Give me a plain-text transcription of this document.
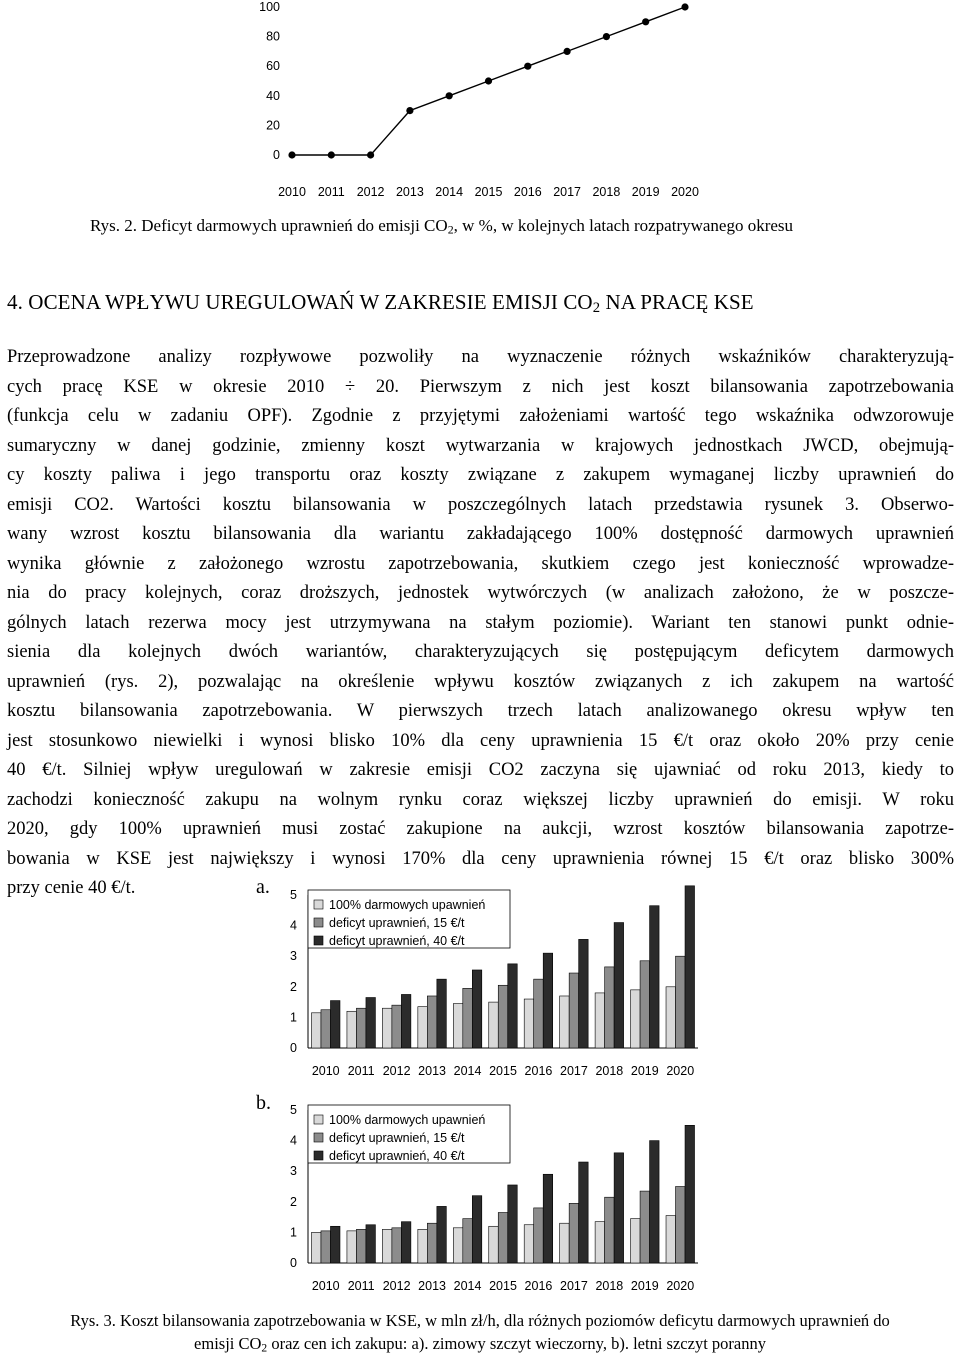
100
80
60
40
20
0
2010 2011 2012 2013 2014 2015 2016 2017 2018 2019 2020
Rys. 2. Deficyt darmowych uprawnień do emisji CO2, w %, w kolejnych latach rozpatrywanego okresu
4. OCENA WPŁYWU UREGULOWAŃ W ZAKRESIE EMISJI $CO_2$ NA PRACĘ KSE
Przeprowadzone analizy rozpływowe pozwoliły na wyznaczenie różnych wskaźników charakteryzują-
cych pracę KSE w okresie 2010 ÷ 20. Pierwszym z nich jest koszt bilansowania zapotrzebowania
(funkcja celu w zadaniu OPF). Zgodnie z przyjętymi założeniami wartość tego wskaźnika odwzorowuje
sumaryczny w danej godzinie, zmienny koszt wytwarzania w krajowych jednostkach JWCD, obejmują-
cy koszty paliwa i jego transportu oraz koszty związane z zakupem wymaganej liczby uprawnień do
emisji CO2. Wartości kosztu bilansowania w poszczególnych latach przedstawia rysunek 3. Obserwo-
wany wzrost kosztu bilansowania dla wariantu zakładającego 100% dostępność darmowych uprawnień
wynika głównie z założonego wzrostu zapotrzebowania, skutkiem czego jest konieczność wprowadze-
nia do pracy kolejnych, coraz droższych, jednostek wytwórczych (w analizach założono, że w poszcze-
gólnych latach rezerwa mocy jest utrzymywana na stałym poziomie). Wariant ten stanowi punkt odnie-
sienia dla kolejnych dwóch wariantów, charakteryzujących się postępującym deficytem darmowych
uprawnień (rys. 2), pozwalając na określenie wpływu kosztów związanych z ich zakupem na wartość
kosztu bilansowania zapotrzebowania. W pierwszych trzech latach analizowanego okresu wpływ ten
jest stosunkowo niewielki i wynosi blisko 10% dla ceny uprawnienia 15 €/t oraz około 20% przy cenie
40 €/t. Silniej wpływ uregulowań w zakresie emisji CO2 zaczyna się ujawniać od roku 2013, kiedy to
zachodzi konieczność zakupu na wolnym rynku coraz większej liczby uprawnień do emisji. W roku
2020, gdy 100% uprawnień musi zostać zakupione na aukcji, wzrost kosztów bilansowania zapotrze-
bowania w KSE jest największy i wynosi 170% dla ceny uprawnienia równej 15 €/t oraz blisko 300%
przy cenie 40 €/t.	a. 5
4
3
2
1
0
2010 2011 2012 2013 2014 2015 2016 2017 2018 2019 2020
100% darmowych upawnień
deficyt uprawnień, 15 €/t
deficyt uprawnień, 40 €/t
b. 5
4
3
2
1
0
2010 2011 2012 2013 2014 2015 2016 2017 2018 2019 2020
100% darmowych upawnień
deficyt uprawnień, 15 €/t
deficyt uprawnień, 40 €/t
Rys. 3. Koszt bilansowania zapotrzebowania w KSE, w mln zł/h, dla różnych poziomów deficytu darmowych uprawnień do
emisji $CO_2$ oraz cen ich zakupu: a). zimowy szczyt wieczorny, b). letni szczyt poranny
